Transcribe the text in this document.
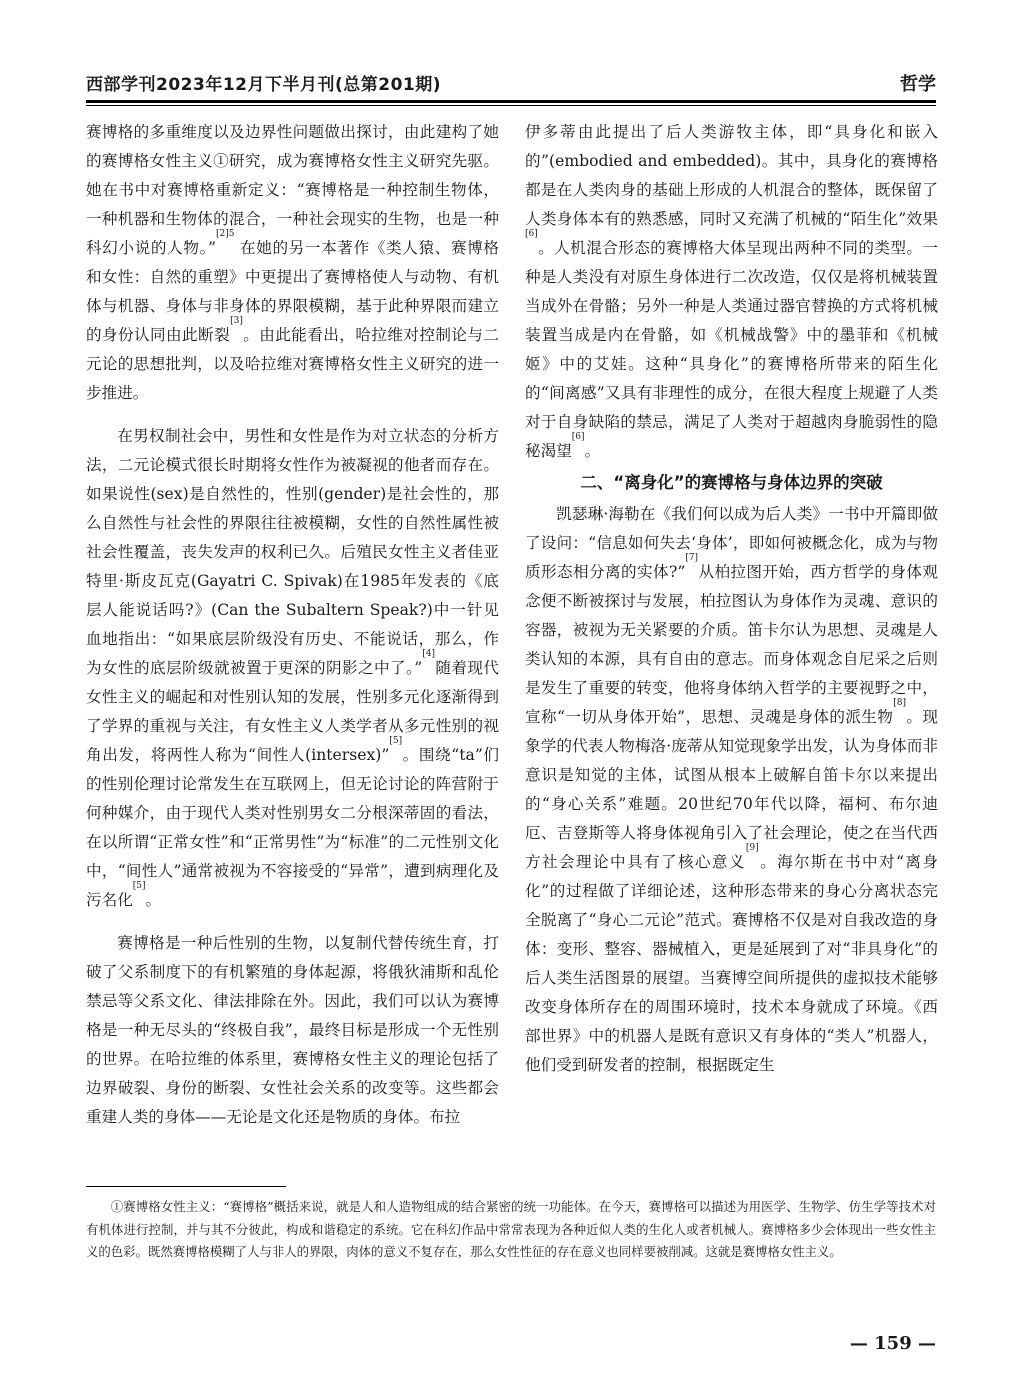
西部学刊2023年12月下半月刊(总第201期)	哲学

赛博格的多重维度以及边界性问题做出探讨，由此建构了她的赛博格女性主义①研究，成为赛博格女性主义研究先驱。她在书中对赛博格重新定义：“赛博格是一种控制生物体，一种机器和生物体的混合，一种社会现实的生物，也是一种科幻小说的人物。”$^{[2]5}$ 在她的另一本著作《类人猿、赛博格和女性：自然的重塑》中更提出了赛博格使人与动物、有机体与机器、身体与非身体的界限模糊，基于此种界限而建立的身份认同由此断裂[3]。由此能看出，哈拉维对控制论与二元论的思想批判，以及哈拉维对赛博格女性主义研究的进一步推进。

在男权制社会中，男性和女性是作为对立状态的分析方法，二元论模式很长时期将女性作为被凝视的他者而存在。如果说性(sex)是自然性的，性别(gender)是社会性的，那么自然性与社会性的界限往往被模糊，女性的自然性属性被社会性覆盖，丧失发声的权利已久。后殖民女性主义者佳亚特里·斯皮瓦克(Gayatri C. Spivak)在1985年发表的《底层人能说话吗?》(Can the Subaltern Speak?)中一针见血地指出：“如果底层阶级没有历史、不能说话，那么，作为女性的底层阶级就被置于更深的阴影之中了。”[4]随着现代女性主义的崛起和对性别认知的发展，性别多元化逐渐得到了学界的重视与关注，有女性主义人类学者从多元性别的视角出发，将两性人称为“间性人(intersex)”[5]。围绕“ta”们的性别伦理讨论常发生在互联网上，但无论讨论的阵营附于何种媒介，由于现代人类对性别男女二分根深蒂固的看法，在以所谓“正常女性”和“正常男性”为“标准”的二元性别文化中，“间性人”通常被视为不容接受的“异常”，遭到病理化及污名化[5]。

赛博格是一种后性别的生物，以复制代替传统生育，打破了父系制度下的有机繁殖的身体起源，将俄狄浦斯和乱伦禁忌等父系文化、律法排除在外。因此，我们可以认为赛博格是一种无尽头的“终极自我”，最终目标是形成一个无性别的世界。在哈拉维的体系里，赛博格女性主义的理论包括了边界破裂、身份的断裂、女性社会关系的改变等。这些都会重建人类的身体——无论是文化还是物质的身体。布拉

伊多蒂由此提出了后人类游牧主体，即“具身化和嵌入的”(embodied and embedded)。其中，具身化的赛博格都是在人类肉身的基础上形成的人机混合的整体，既保留了人类身体本有的熟悉感，同时又充满了机械的“陌生化”效果[6]。人机混合形态的赛博格大体呈现出两种不同的类型。一种是人类没有对原生身体进行二次改造，仅仅是将机械装置当成外在骨骼；另外一种是人类通过器官替换的方式将机械装置当成是内在骨骼，如《机械战警》中的墨菲和《机械姬》中的艾娃。这种“具身化”的赛博格所带来的陌生化的“间离感”又具有非理性的成分，在很大程度上规避了人类对于自身缺陷的禁忌，满足了人类对于超越肉身脆弱性的隐秘渴望[6]。

二、“离身化”的赛博格与身体边界的突破

凯瑟琳·海勒在《我们何以成为后人类》一书中开篇即做了设问：“信息如何失去‘身体’，即如何被概念化，成为与物质形态相分离的实体?”[7]从柏拉图开始，西方哲学的身体观念便不断被探讨与发展，柏拉图认为身体作为灵魂、意识的容器，被视为无关紧要的介质。笛卡尔认为思想、灵魂是人类认知的本源，具有自由的意志。而身体观念自尼采之后则是发生了重要的转变，他将身体纳入哲学的主要视野之中，宣称“一切从身体开始”，思想、灵魂是身体的派生物[8]。现象学的代表人物梅洛·庞蒂从知觉现象学出发，认为身体而非意识是知觉的主体，试图从根本上破解自笛卡尔以来提出的“身心关系”难题。20世纪70年代以降，福柯、布尔迪厄、吉登斯等人将身体视角引入了社会理论，使之在当代西方社会理论中具有了核心意义[9]。海尔斯在书中对“离身化”的过程做了详细论述，这种形态带来的身心分离状态完全脱离了“身心二元论”范式。赛博格不仅是对自我改造的身体：变形、整容、器械植入，更是延展到了对“非具身化”的后人类生活图景的展望。当赛博空间所提供的虚拟技术能够改变身体所存在的周围环境时，技术本身就成了环境。《西部世界》中的机器人是既有意识又有身体的“类人”机器人，他们受到研发者的控制，根据既定生

①赛博格女性主义：“赛博格”概括来说，就是人和人造物组成的结合紧密的统一功能体。在今天，赛博格可以描述为用医学、生物学、仿生学等技术对有机体进行控制，并与其不分彼此，构成和谐稳定的系统。它在科幻作品中常常表现为各种近似人类的生化人或者机械人。赛博格多少会体现出一些女性主义的色彩。既然赛博格模糊了人与非人的界限，肉体的意义不复存在，那么女性性征的存在意义也同样要被削减。这就是赛博格女性主义。

— 159 —
